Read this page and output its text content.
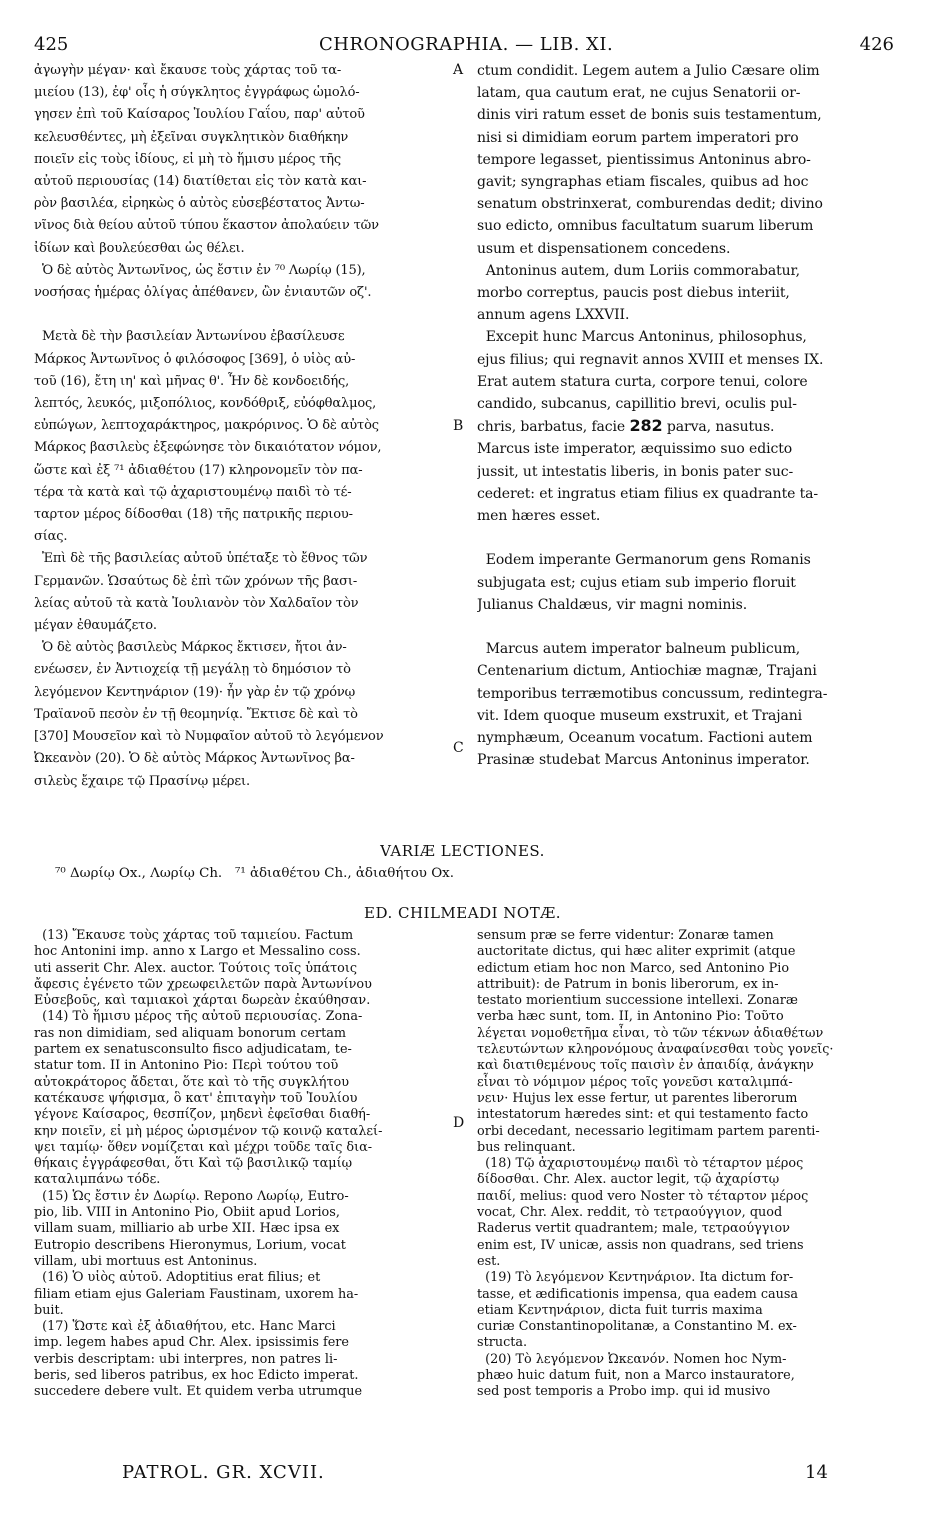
425	CHRONOGRAPHIA. — LIB. XI.	426
ἀγωγὴν μέγαν· καὶ ἔκαυσε τοὺς χάρτας τοῦ τα-
μιείου (13), ἐφ' οἷς ἡ σύγκλητος ἐγγράφως ὡμολό-
γησεν ἐπὶ τοῦ Καίσαρος Ἰουλίου Γαΐου, παρ' αὐτοῦ
κελευσθέντες, μὴ ἐξεῖναι συγκλητικὸν διαθήκην
ποιεῖν εἰς τοὺς ἰδίους, εἰ μὴ τὸ ἥμισυ μέρος τῆς
αὐτοῦ περιουσίας (14) διατίθεται εἰς τὸν κατὰ και-
ρὸν βασιλέα, εἰρηκὼς ὁ αὐτὸς εὐσεβέστατος Ἀντω-
νῖνος διὰ θείου αὐτοῦ τύπου ἕκαστον ἀπολαύειν τῶν
ἰδίων καὶ βουλεύεσθαι ὡς θέλει.
Ὁ δὲ αὐτὸς Ἀντωνῖνος, ὡς ἔστιν ἐν ⁷⁰ Λωρίῳ (15),
νοσήσας ἡμέρας ὀλίγας ἀπέθανεν, ὢν ἐνιαυτῶν οζ'.

Μετὰ δὲ τὴν βασιλείαν Ἀντωνίνου ἐβασίλευσε
Μάρκος Ἀντωνῖνος ὁ φιλόσοφος [369], ὁ υἱὸς αὐ-
τοῦ (16), ἔτη ιη' καὶ μῆνας θ'. Ἦν δὲ κονδοειδής,
λεπτός, λευκός, μιξοπόλιος, κονδόθριξ, εὐόφθαλμος,
εὐπώγων, λεπτοχαράκτηρος, μακρόρινος. Ὁ δὲ αὐτὸς
Μάρκος βασιλεὺς ἐξεφώνησε τὸν δικαιότατον νόμον,
ὥστε καὶ ἐξ ⁷¹ ἀδιαθέτου (17) κληρονομεῖν τὸν πα-
τέρα τὰ κατὰ καὶ τῷ ἀχαριστουμένῳ παιδὶ τὸ τέ-
ταρτον μέρος δίδοσθαι (18) τῆς πατρικῆς περιου-
σίας.
Ἐπὶ δὲ τῆς βασιλείας αὐτοῦ ὑπέταξε τὸ ἔθνος τῶν
Γερμανῶν. Ὡσαύτως δὲ ἐπὶ τῶν χρόνων τῆς βασι-
λείας αὐτοῦ τὰ κατὰ Ἰουλιανὸν τὸν Χαλδαῖον τὸν
μέγαν ἐθαυμάζετο.
Ὁ δὲ αὐτὸς βασιλεὺς Μάρκος ἔκτισεν, ἤτοι ἀν-
ενέωσεν, ἐν Ἀντιοχείᾳ τῇ μεγάλῃ τὸ δημόσιον τὸ
λεγόμενον Κεντηνάριον (19)· ἦν γὰρ ἐν τῷ χρόνῳ
Τραϊανοῦ πεσὸν ἐν τῇ θεομηνίᾳ. Ἔκτισε δὲ καὶ τὸ
[370] Μουσεῖον καὶ τὸ Νυμφαῖον αὐτοῦ τὸ λεγόμενον
Ὠκεανὸν (20). Ὁ δὲ αὐτὸς Μάρκος Ἀντωνῖνος βα-
σιλεὺς ἔχαιρε τῷ Πρασίνῳ μέρει.
ctum condidit. Legem autem a Julio Cæsare olim
latam, qua cautum erat, ne cujus Senatorii or-
dinis viri ratum esset de bonis suis testamentum,
nisi si dimidiam eorum partem imperatori pro
tempore legasset, pientissimus Antoninus abro-
gavit; syngraphas etiam fiscales, quibus ad hoc
senatum obstrinxerat, comburendas dedit; divino
suo edicto, omnibus facultatum suarum liberum
usum et dispensationem concedens.
Antoninus autem, dum Loriis commorabatur,
morbo correptus, paucis post diebus interiit,
annum agens LXXVII.
Excepit hunc Marcus Antoninus, philosophus,
ejus filius; qui regnavit annos XVIII et menses IX.
Erat autem statura curta, corpore tenui, colore
candido, subcanus, capillitio brevi, oculis pul-
chris, barbatus, facie 282 parva, nasutus.
Marcus iste imperator, æquissimo suo edicto
jussit, ut intestatis liberis, in bonis pater suc-
cederet: et ingratus etiam filius ex quadrante ta-
men hæres esset.

Eodem imperante Germanorum gens Romanis
subjugata est; cujus etiam sub imperio floruit
Julianus Chaldæus, vir magni nominis.

Marcus autem imperator balneum publicum,
Centenarium dictum, Antiochiæ magnæ, Trajani
temporibus terræmotibus concussum, redintegra-
vit. Idem quoque museum exstruxit, et Trajani
nymphæum, Oceanum vocatum. Factioni autem
Prasinæ studebat Marcus Antoninus imperator.
A
B
C
D
VARIÆ LECTIONES.
⁷⁰ Δωρίῳ Ox., Λωρίῳ Ch.   ⁷¹ ἀδιαθέτου Ch., ἀδιαθήτου Ox.
ED. CHILMEADI NOTÆ.
(13) Ἔκαυσε τοὺς χάρτας τοῦ ταμιείου. Factum
hoc Antonini imp. anno x Largo et Messalino coss.
uti asserit Chr. Alex. auctor. Τούτοις τοῖς ὑπάτοις
ἄφεσις ἐγένετο τῶν χρεωφειλετῶν παρὰ Ἀντωνίνου
Εὐσεβοῦς, καὶ ταμιακοὶ χάρται δωρεὰν ἐκαύθησαν.
(14) Τὸ ἥμισυ μέρος τῆς αὐτοῦ περιουσίας. Zona-
ras non dimidiam, sed aliquam bonorum certam
partem ex senatusconsulto fisco adjudicatam, te-
statur tom. II in Antonino Pio: Περὶ τούτου τοῦ
αὐτοκράτορος ἄδεται, ὅτε καὶ τὸ τῆς συγκλήτου
κατέκαυσε ψήφισμα, ὃ κατ' ἐπιταγὴν τοῦ Ἰουλίου
γέγονε Καίσαρος, θεσπίζον, μηδενὶ ἐφεῖσθαι διαθή-
κην ποιεῖν, εἰ μὴ μέρος ὡρισμένον τῷ κοινῷ καταλεί-
ψει ταμίῳ· ὅθεν νομίζεται καὶ μέχρι τοῦδε ταῖς δια-
θήκαις ἐγγράφεσθαι, ὅτι Καὶ τῷ βασιλικῷ ταμίῳ
καταλιμπάνω τόδε.
(15) Ὡς ἔστιν ἐν Δωρίῳ. Repono Λωρίῳ, Eutro-
pio, lib. VIII in Antonino Pio, Obiit apud Lorios,
villam suam, milliario ab urbe XII. Hæc ipsa ex
Eutropio describens Hieronymus, Lorium, vocat
villam, ubi mortuus est Antoninus.
(16) Ὁ υἱὸς αὐτοῦ. Adoptitius erat filius; et
filiam etiam ejus Galeriam Faustinam, uxorem ha-
buit.
(17) Ὥστε καὶ ἐξ ἀδιαθήτου, etc. Hanc Marci
imp. legem habes apud Chr. Alex. ipsissimis fere
verbis descriptam: ubi interpres, non patres li-
beris, sed liberos patribus, ex hoc Edicto imperat.
succedere debere vult. Et quidem verba utrumque
sensum præ se ferre videntur: Zonaræ tamen
auctoritate dictus, qui hæc aliter exprimit (atque
edictum etiam hoc non Marco, sed Antonino Pio
attribuit): de Patrum in bonis liberorum, ex in-
testato morientium successione intellexi. Zonaræ
verba hæc sunt, tom. II, in Antonino Pio: Τοῦτο
λέγεται νομοθετῆμα εἶναι, τὸ τῶν τέκνων ἀδιαθέτων
τελευτώντων κληρονόμους ἀναφαίνεσθαι τοὺς γονεῖς·
καὶ διατιθεμένους τοῖς παισὶν ἐν ἀπαιδίᾳ, ἀνάγκην
εἶναι τὸ νόμιμον μέρος τοῖς γονεῦσι καταλιμπά-
νειν· Hujus lex esse fertur, ut parentes liberorum
intestatorum hæredes sint: et qui testamento facto
orbi decedant, necessario legitimam partem parenti-
bus relinquant.
(18) Τῷ ἀχαριστουμένῳ παιδὶ τὸ τέταρτον μέρος
δίδοσθαι. Chr. Alex. auctor legit, τῷ ἀχαρίστῳ
παιδί, melius: quod vero Noster τὸ τέταρτον μέρος
vocat, Chr. Alex. reddit, τὸ τετραούγγιον, quod
Raderus vertit quadrantem; male, τετραούγγιον
enim est, IV unicæ, assis non quadrans, sed triens
est.
(19) Τὸ λεγόμενον Κεντηνάριον. Ita dictum for-
tasse, et ædificationis impensa, qua eadem causa
etiam Κεντηνάριον, dicta fuit turris maxima
curiæ Constantinopolitanæ, a Constantino M. ex-
structa.
(20) Τὸ λεγόμενον Ὠκεανόν. Nomen hoc Nym-
phæo huic datum fuit, non a Marco instauratore,
sed post temporis a Probo imp. qui id musivo
PATROL. GR. XCVII.	14
